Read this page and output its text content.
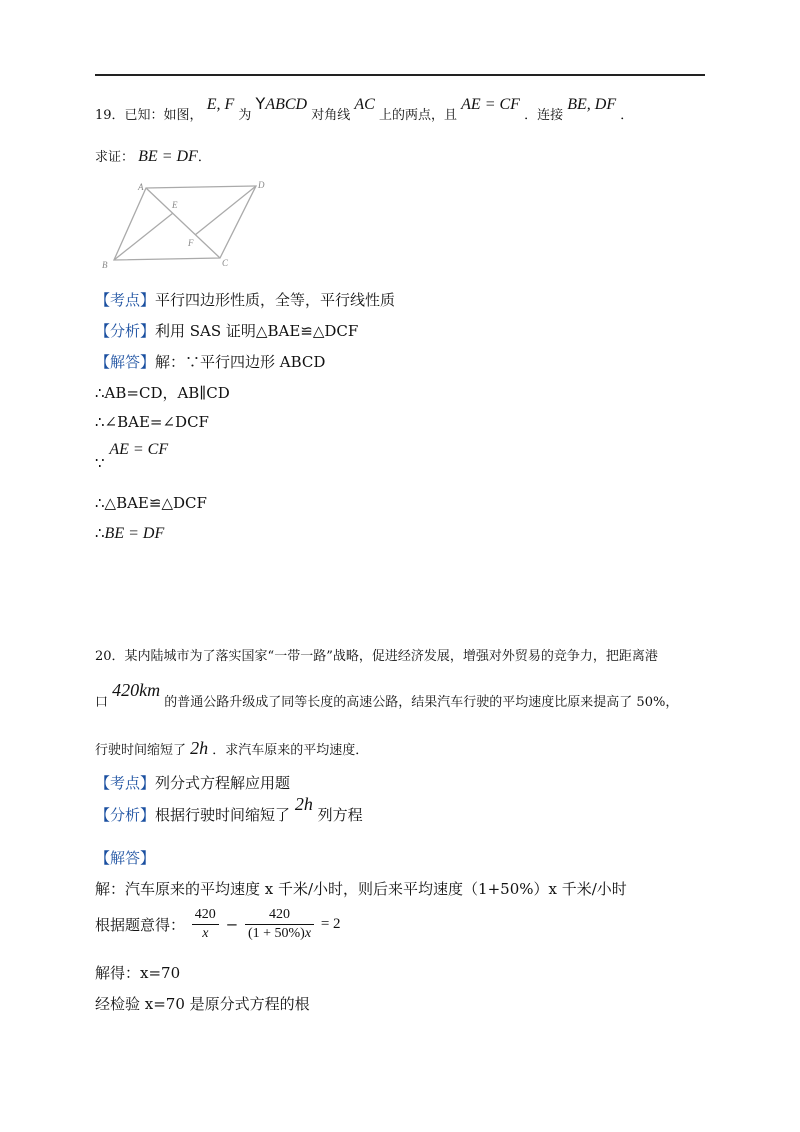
19．已知：如图， E, F 为 YABCD 对角线 AC 上的两点，且 AE = CF ．连接 BE, DF ．
求证： BE = DF．
A	D
E
F
B	C
【考点】平行四边形性质，全等，平行线性质
【分析】利用 SAS 证明△BAE≌△DCF
【解答】解：∵平行四边形 ABCD
∴AB=CD，AB∥CD
∴∠BAE=∠DCF
∵ AE = CF
∴△BAE≌△DCF
∴BE = DF
20．某内陆城市为了落实国家“一带一路”战略，促进经济发展，增强对外贸易的竞争力，把距离港
口 420km 的普通公路升级成了同等长度的高速公路，结果汽车行驶的平均速度比原来提高了 50%，
行驶时间缩短了 2h ．求汽车原来的平均速度．
【考点】列分式方程解应用题
【分析】根据行驶时间缩短了 2h 列方程
【解答】
解：汽车原来的平均速度 x 千米/小时，则后来平均速度（1+50%）x 千米/小时
根据题意得： $\frac{420}{x} - \frac{420}{(1 + 50\%)x} = 2$
解得：x=70
经检验 x=70 是原分式方程的根
